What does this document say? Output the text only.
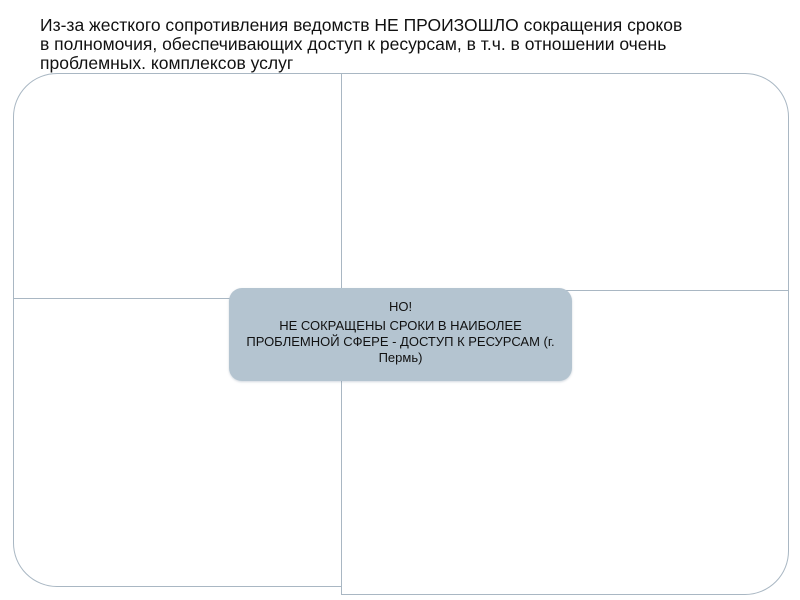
Из-за жесткого сопротивления ведомств НЕ ПРОИЗОШЛО сокращения сроков
в полномочия, обеспечивающих доступ к ресурсам, в т.ч. в отношении очень
проблемных. комплексов услуг

НО!
НЕ СОКРАЩЕНЫ СРОКИ В НАИБОЛЕЕ ПРОБЛЕМНОЙ СФЕРЕ - ДОСТУП К РЕСУРСАМ (г. Пермь)
